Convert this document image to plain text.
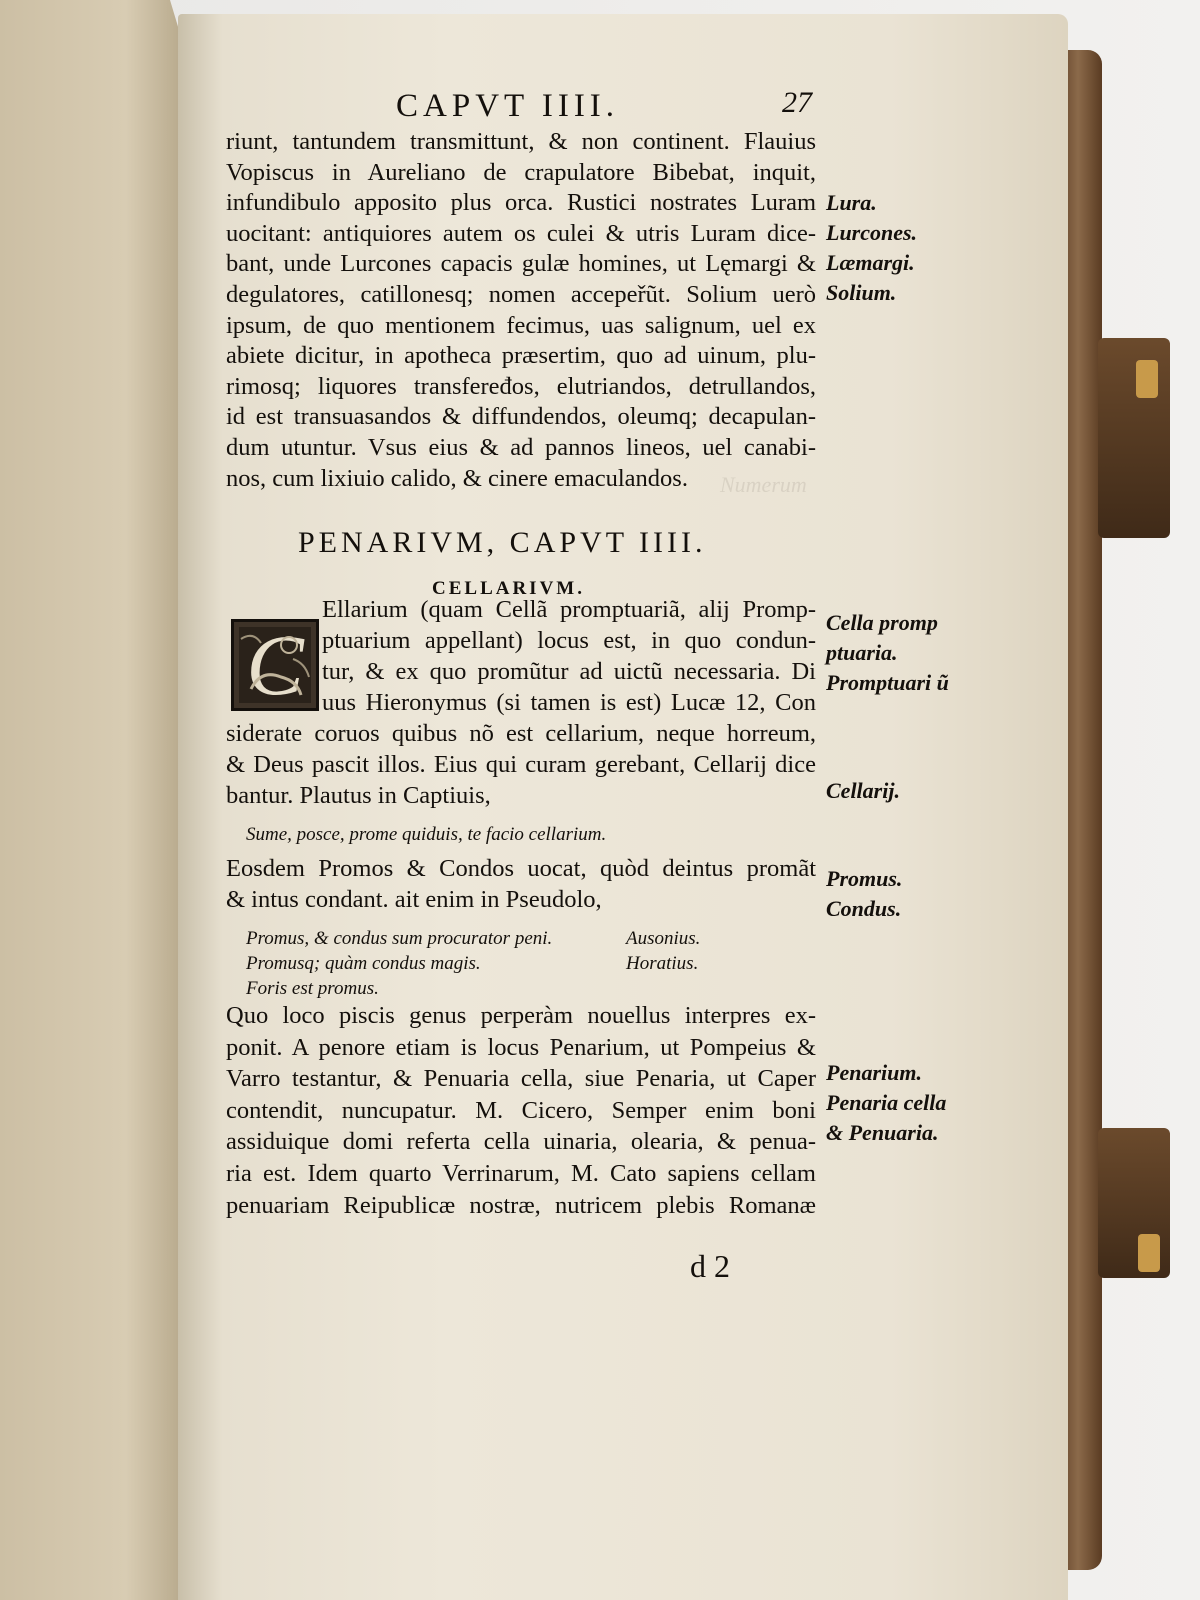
CAPVT IIII.	27
riunt, tantundem transmittunt, & non continent. Flauius
Vopiscus in Aureliano de crapulatore Bibebat, inquit,
infundibulo apposito plus orca. Rustici nostrates Luram
uocitant: antiquiores autem os culei & utris Luram dice-
bant, unde Lurcones capacis gulæ homines, ut Lęmargi &
degulatores, catillonesq; nomen accepeřũt. Solium uerò
ipsum, de quo mentionem fecimus, uas salignum, uel ex
abiete dicitur, in apotheca præsertim, quo ad uinum, plu-
rimosq; liquores transfeređos, elutriandos, detrullandos,
id est transuasandos & diffundendos, oleumq; decapulan-
dum utuntur. Vsus eius & ad pannos lineos, uel canabi-
nos, cum lixiuio calido, & cinere emaculandos.
PENARIVM, CAPVT IIII.
CELLARIVM.
C
Ellarium (quam Cellã promptuariã, alij Promp-
ptuarium appellant) locus est, in quo condun-
tur, & ex quo promũtur ad uictũ necessaria. Di
uus Hieronymus (si tamen is est) Lucæ 12, Con
siderate coruos quibus nõ est cellarium, neque horreum,
& Deus pascit illos. Eius qui curam gerebant, Cellarij dice
bantur. Plautus in Captiuis,
Sume, posce, prome quiduis, te facio cellarium.
Eosdem Promos & Condos uocat, quòd deintus promãt
& intus condant. ait enim in Pseudolo,
Promus, & condus sum procurator peni.	Ausonius.
Promusq; quàm condus magis.	Horatius.
Foris est promus.
Quo loco piscis genus perperàm nouellus interpres ex-
ponit. A penore etiam is locus Penarium, ut Pompeius &
Varro testantur, & Penuaria cella, siue Penaria, ut Caper
contendit, nuncupatur. M. Cicero, Semper enim boni
assiduique domi referta cella uinaria, olearia, & penua-
ria est. Idem quarto Verrinarum, M. Cato sapiens cellam
penuariam Reipublicæ nostræ, nutricem plebis Romanæ
d 2
Lura.
Lurcones.
Læmargi.
Solium.
Cella promp
ptuaria.
Promptuari ũ
Cellarij.
Promus.
Condus.
Penarium.
Penaria cella
& Penuaria.
Numerum
